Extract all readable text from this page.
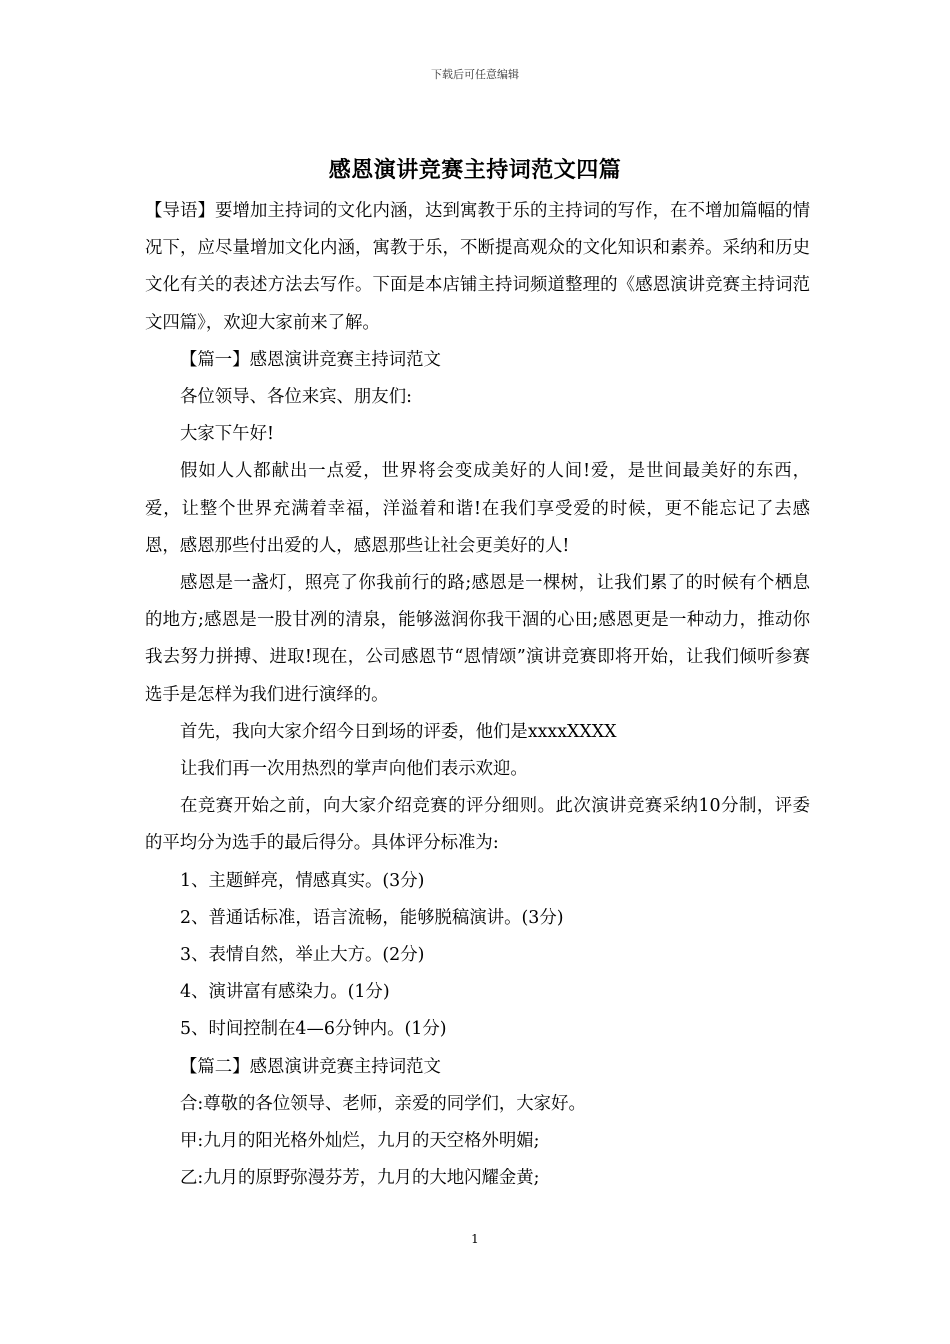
下载后可任意编辑
感恩演讲竞赛主持词范文四篇

【导语】要增加主持词的文化内涵，达到寓教于乐的主持词的写作，在不增加篇幅的情况下，应尽量增加文化内涵，寓教于乐，不断提高观众的文化知识和素养。采纳和历史文化有关的表述方法去写作。下面是本店铺主持词频道整理的《感恩演讲竞赛主持词范文四篇》，欢迎大家前来了解。

【篇一】感恩演讲竞赛主持词范文

各位领导、各位来宾、朋友们:

大家下午好!

假如人人都献出一点爱，世界将会变成美好的人间!爱，是世间最美好的东西，爱，让整个世界充满着幸福，洋溢着和谐!在我们享受爱的时候，更不能忘记了去感恩，感恩那些付出爱的人，感恩那些让社会更美好的人!

感恩是一盏灯，照亮了你我前行的路;感恩是一棵树，让我们累了的时候有个栖息的地方;感恩是一股甘冽的清泉，能够滋润你我干涸的心田;感恩更是一种动力，推动你我去努力拼搏、进取!现在，公司感恩节“恩情颂”演讲竞赛即将开始，让我们倾听参赛选手是怎样为我们进行演绎的。

首先，我向大家介绍今日到场的评委，他们是xxxxXXXX

让我们再一次用热烈的掌声向他们表示欢迎。

在竞赛开始之前，向大家介绍竞赛的评分细则。此次演讲竞赛采纳10分制，评委的平均分为选手的最后得分。具体评分标准为:

1、主题鲜亮，情感真实。(3分)

2、普通话标准，语言流畅，能够脱稿演讲。(3分)

3、表情自然，举止大方。(2分)

4、演讲富有感染力。(1分)

5、时间控制在4—6分钟内。(1分)

【篇二】感恩演讲竞赛主持词范文

合:尊敬的各位领导、老师，亲爱的同学们，大家好。

甲:九月的阳光格外灿烂，九月的天空格外明媚;

乙:九月的原野弥漫芬芳，九月的大地闪耀金黄;

1
